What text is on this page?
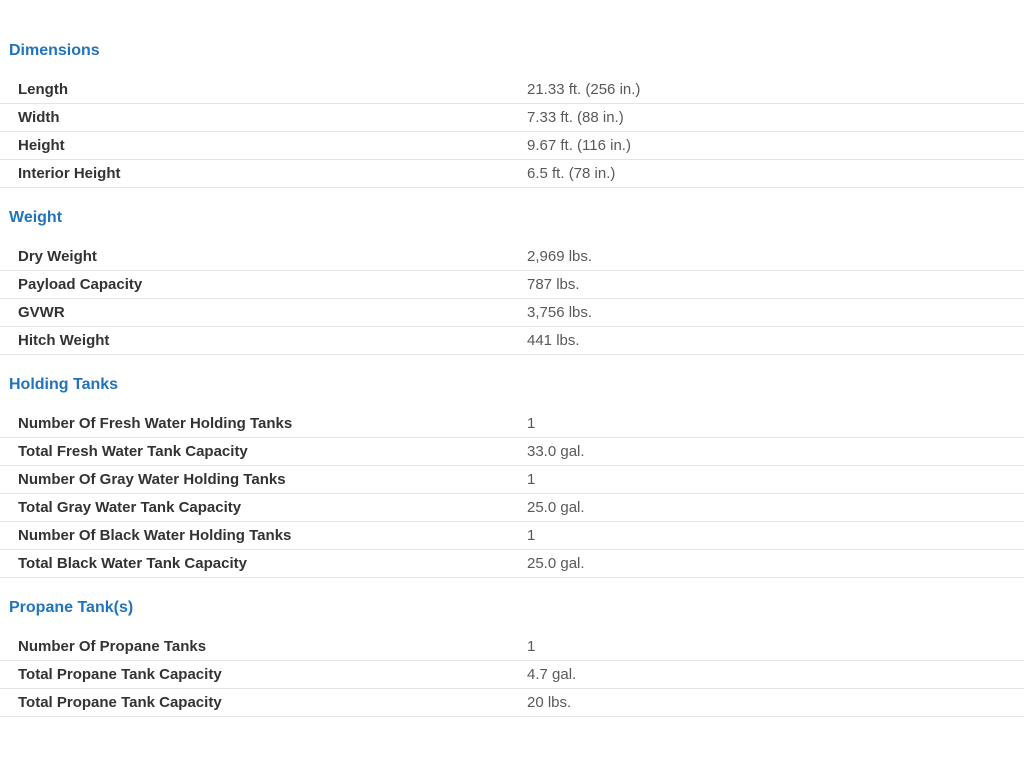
Dimensions
Length	21.33 ft. (256 in.)
Width	7.33 ft. (88 in.)
Height	9.67 ft. (116 in.)
Interior Height	6.5 ft. (78 in.)
Weight
Dry Weight	2,969 lbs.
Payload Capacity	787 lbs.
GVWR	3,756 lbs.
Hitch Weight	441 lbs.
Holding Tanks
Number Of Fresh Water Holding Tanks	1
Total Fresh Water Tank Capacity	33.0 gal.
Number Of Gray Water Holding Tanks	1
Total Gray Water Tank Capacity	25.0 gal.
Number Of Black Water Holding Tanks	1
Total Black Water Tank Capacity	25.0 gal.
Propane Tank(s)
Number Of Propane Tanks	1
Total Propane Tank Capacity	4.7 gal.
Total Propane Tank Capacity	20 lbs.
